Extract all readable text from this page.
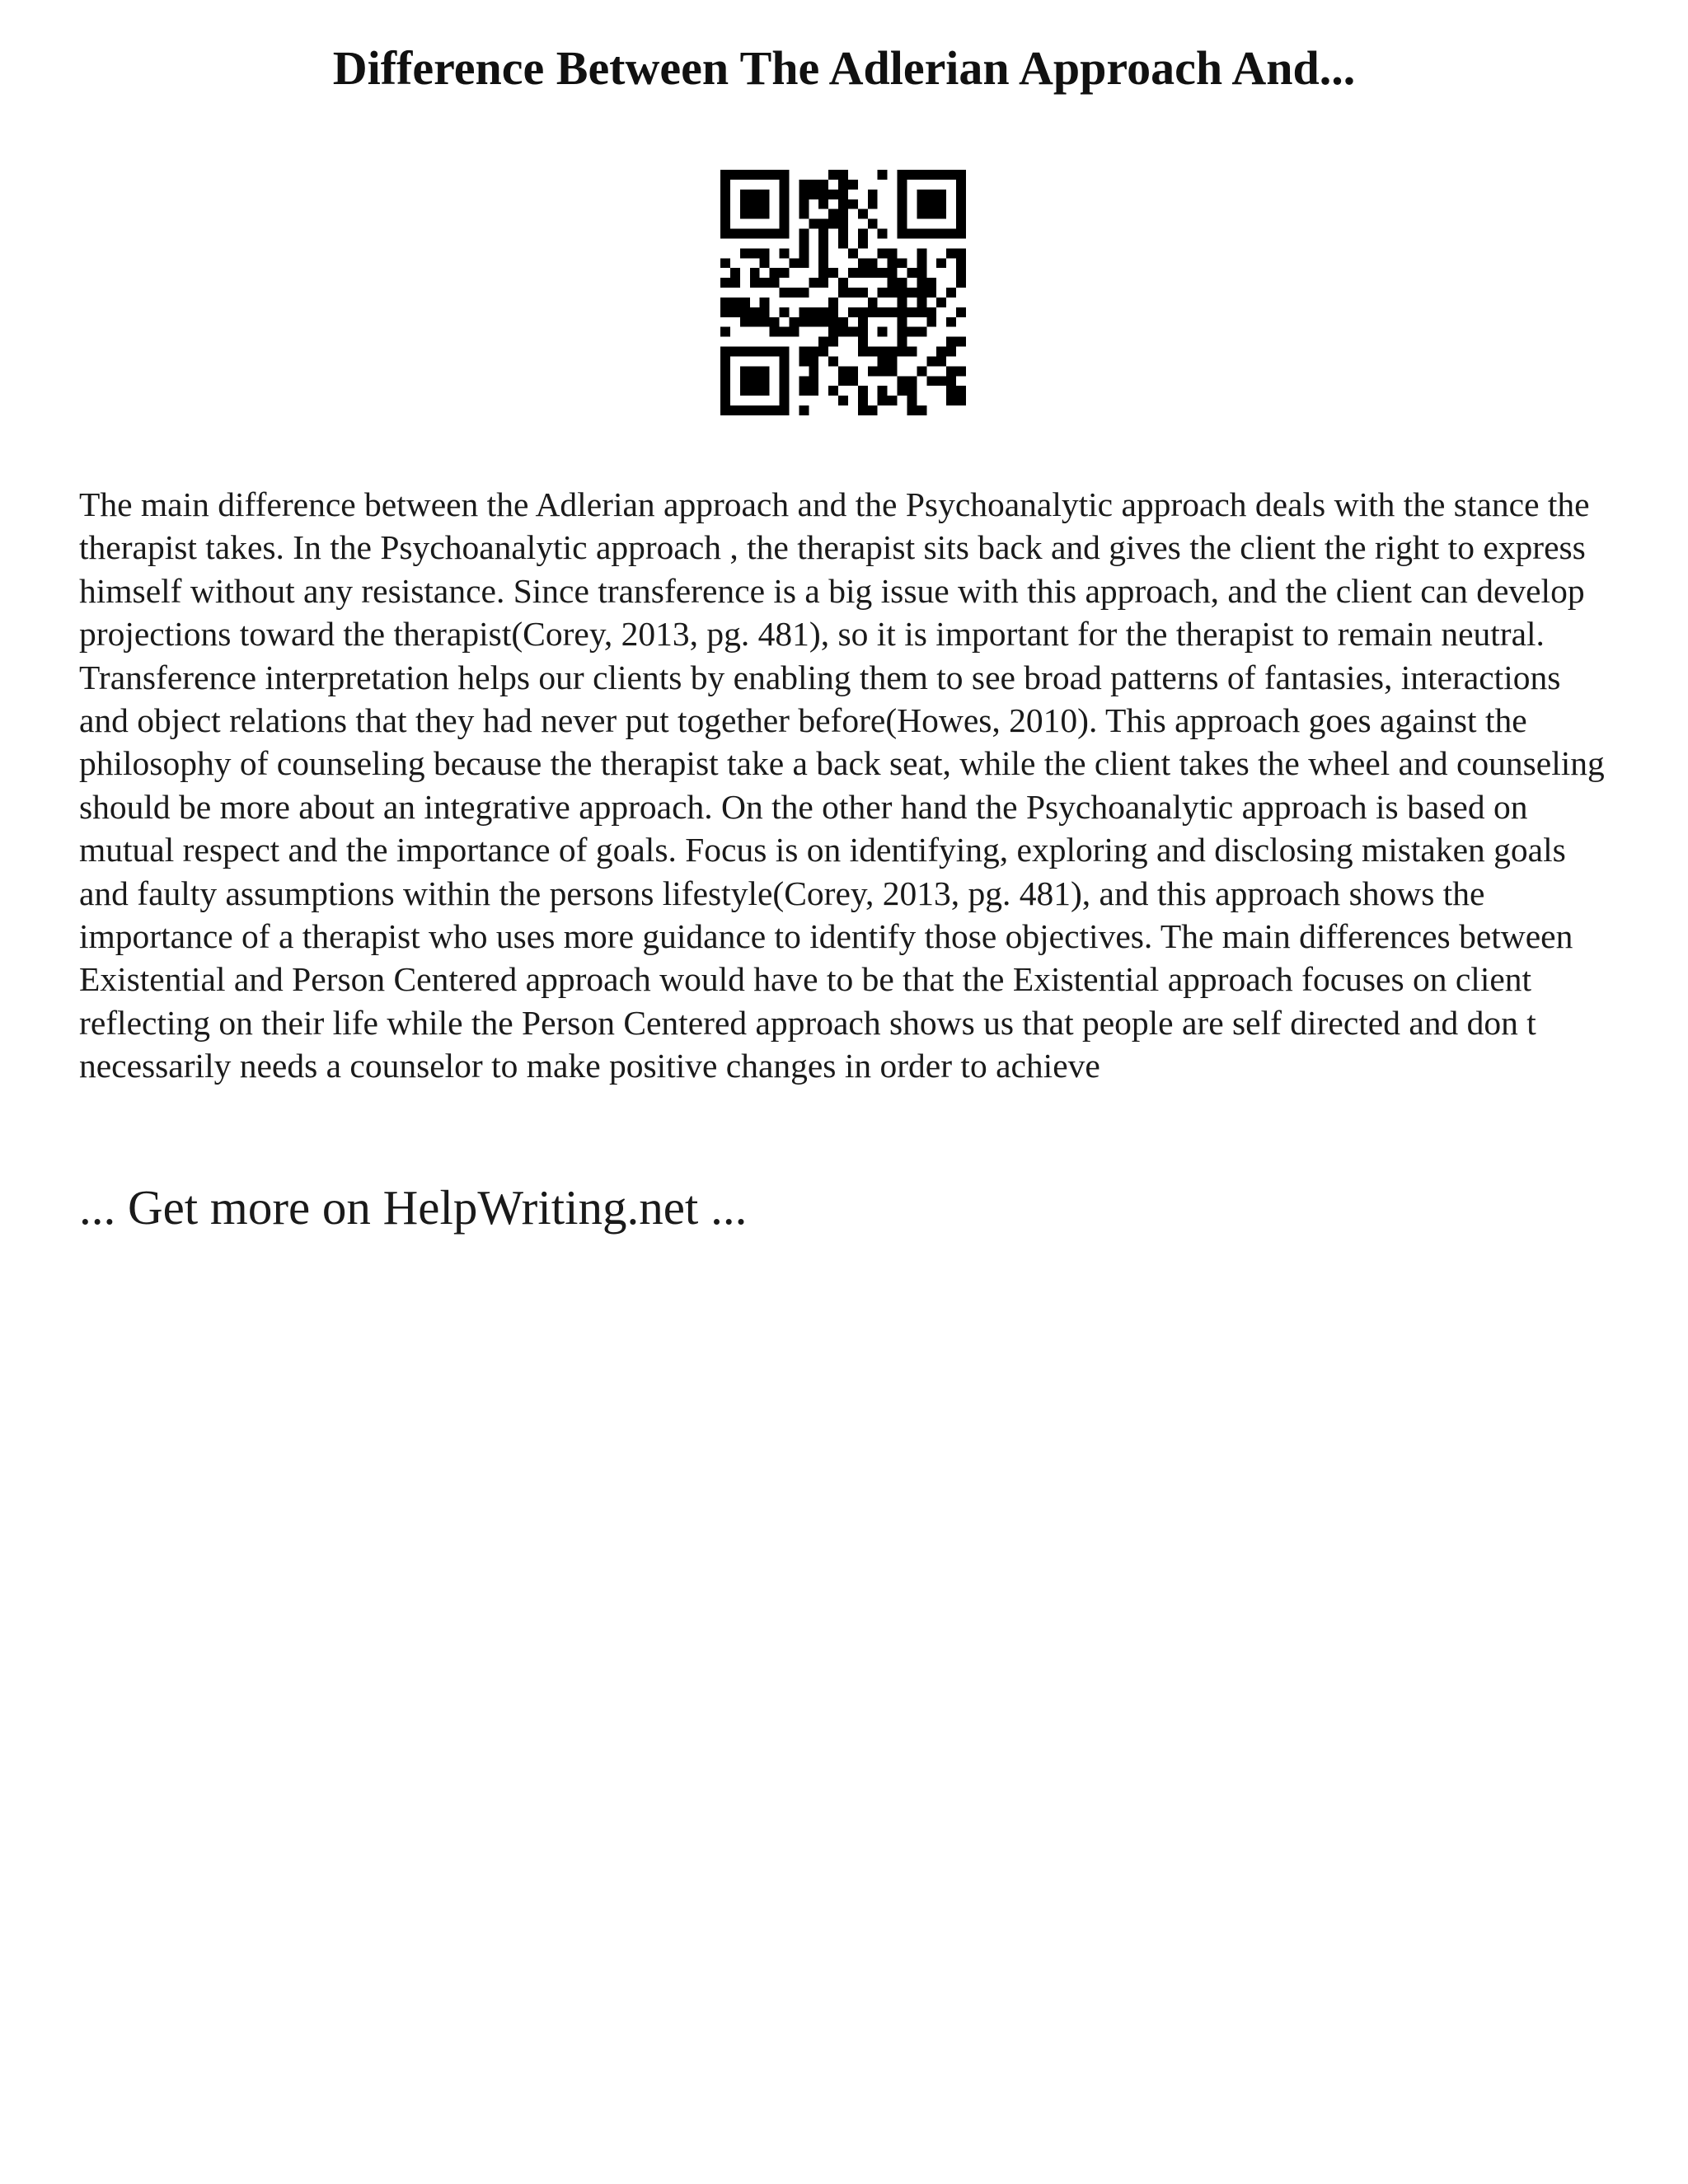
Difference Between The Adlerian Approach And...

The main difference between the Adlerian approach and the Psychoanalytic approach deals with the stance the therapist takes. In the Psychoanalytic approach , the therapist sits back and gives the client the right to express himself without any resistance. Since transference is a big issue with this approach, and the client can develop projections toward the therapist(Corey, 2013, pg. 481), so it is important for the therapist to remain neutral. Transference interpretation helps our clients by enabling them to see broad patterns of fantasies, interactions and object relations that they had never put together before(Howes, 2010). This approach goes against the philosophy of counseling because the therapist take a back seat, while the client takes the wheel and counseling should be more about an integrative approach. On the other hand the Psychoanalytic approach is based on mutual respect and the importance of goals. Focus is on identifying, exploring and disclosing mistaken goals and faulty assumptions within the persons lifestyle(Corey, 2013, pg. 481), and this approach shows the importance of a therapist who uses more guidance to identify those objectives. The main differences between Existential and Person Centered approach would have to be that the Existential approach focuses on client reflecting on their life while the Person Centered approach shows us that people are self directed and don t necessarily needs a counselor to make positive changes in order to achieve

... Get more on HelpWriting.net ...
